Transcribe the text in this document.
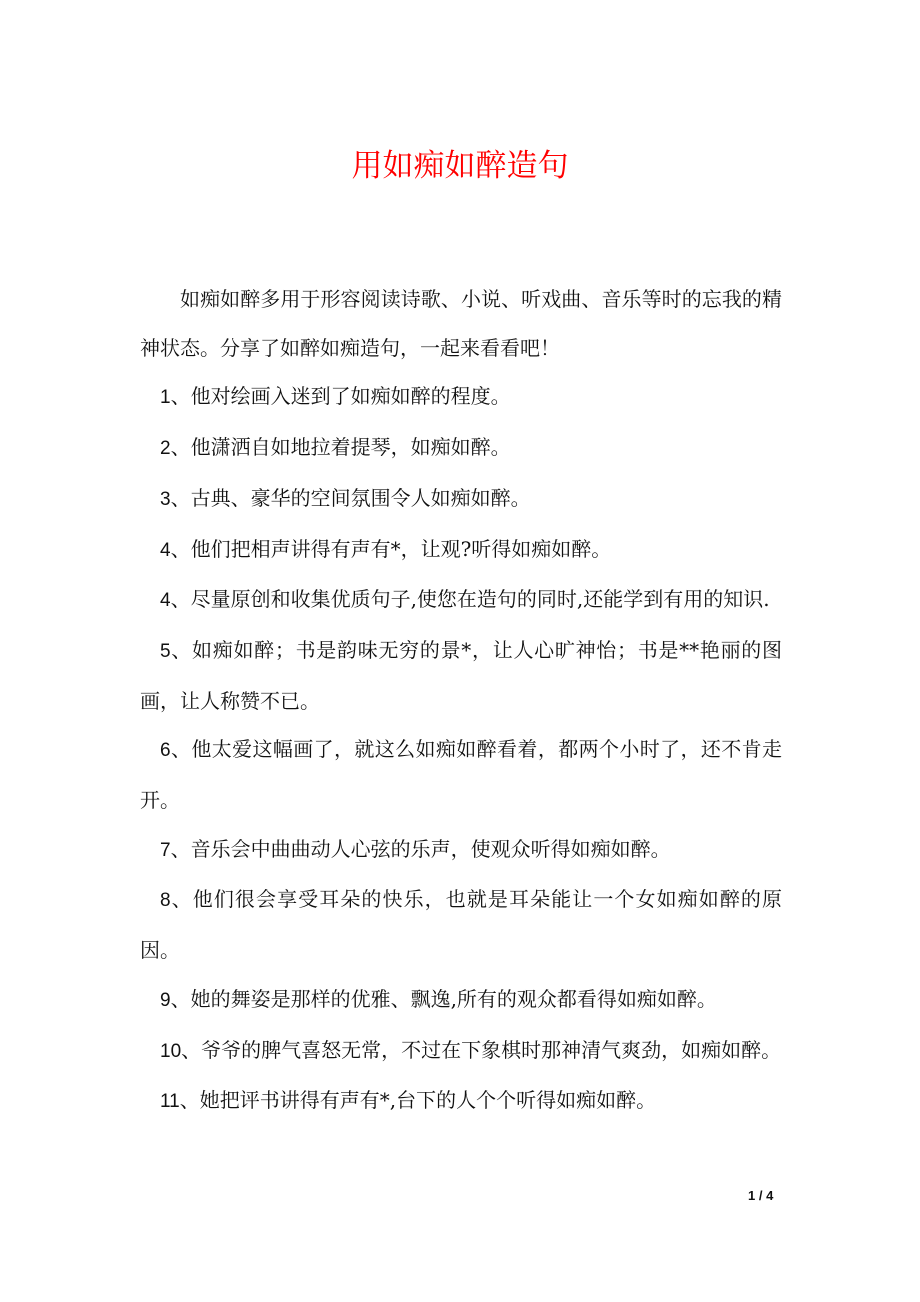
用如痴如醉造句

如痴如醉多用于形容阅读诗歌、小说、听戏曲、音乐等时的忘我的精神状态。分享了如醉如痴造句，一起来看看吧！

1、他对绘画入迷到了如痴如醉的程度。

2、他潇洒自如地拉着提琴，如痴如醉。

3、古典、豪华的空间氛围令人如痴如醉。

4、他们把相声讲得有声有*，让观?听得如痴如醉。

4、尽量原创和收集优质句子,使您在造句的同时,还能学到有用的知识.

5、如痴如醉；书是韵味无穷的景*，让人心旷神怡；书是**艳丽的图画，让人称赞不已。

6、他太爱这幅画了，就这么如痴如醉看着，都两个小时了，还不肯走开。

7、音乐会中曲曲动人心弦的乐声，使观众听得如痴如醉。

8、他们很会享受耳朵的快乐，也就是耳朵能让一个女如痴如醉的原因。

9、她的舞姿是那样的优雅、飘逸,所有的观众都看得如痴如醉。

10、爷爷的脾气喜怒无常，不过在下象棋时那神清气爽劲，如痴如醉。

11、她把评书讲得有声有*,台下的人个个听得如痴如醉。

1 / 4
